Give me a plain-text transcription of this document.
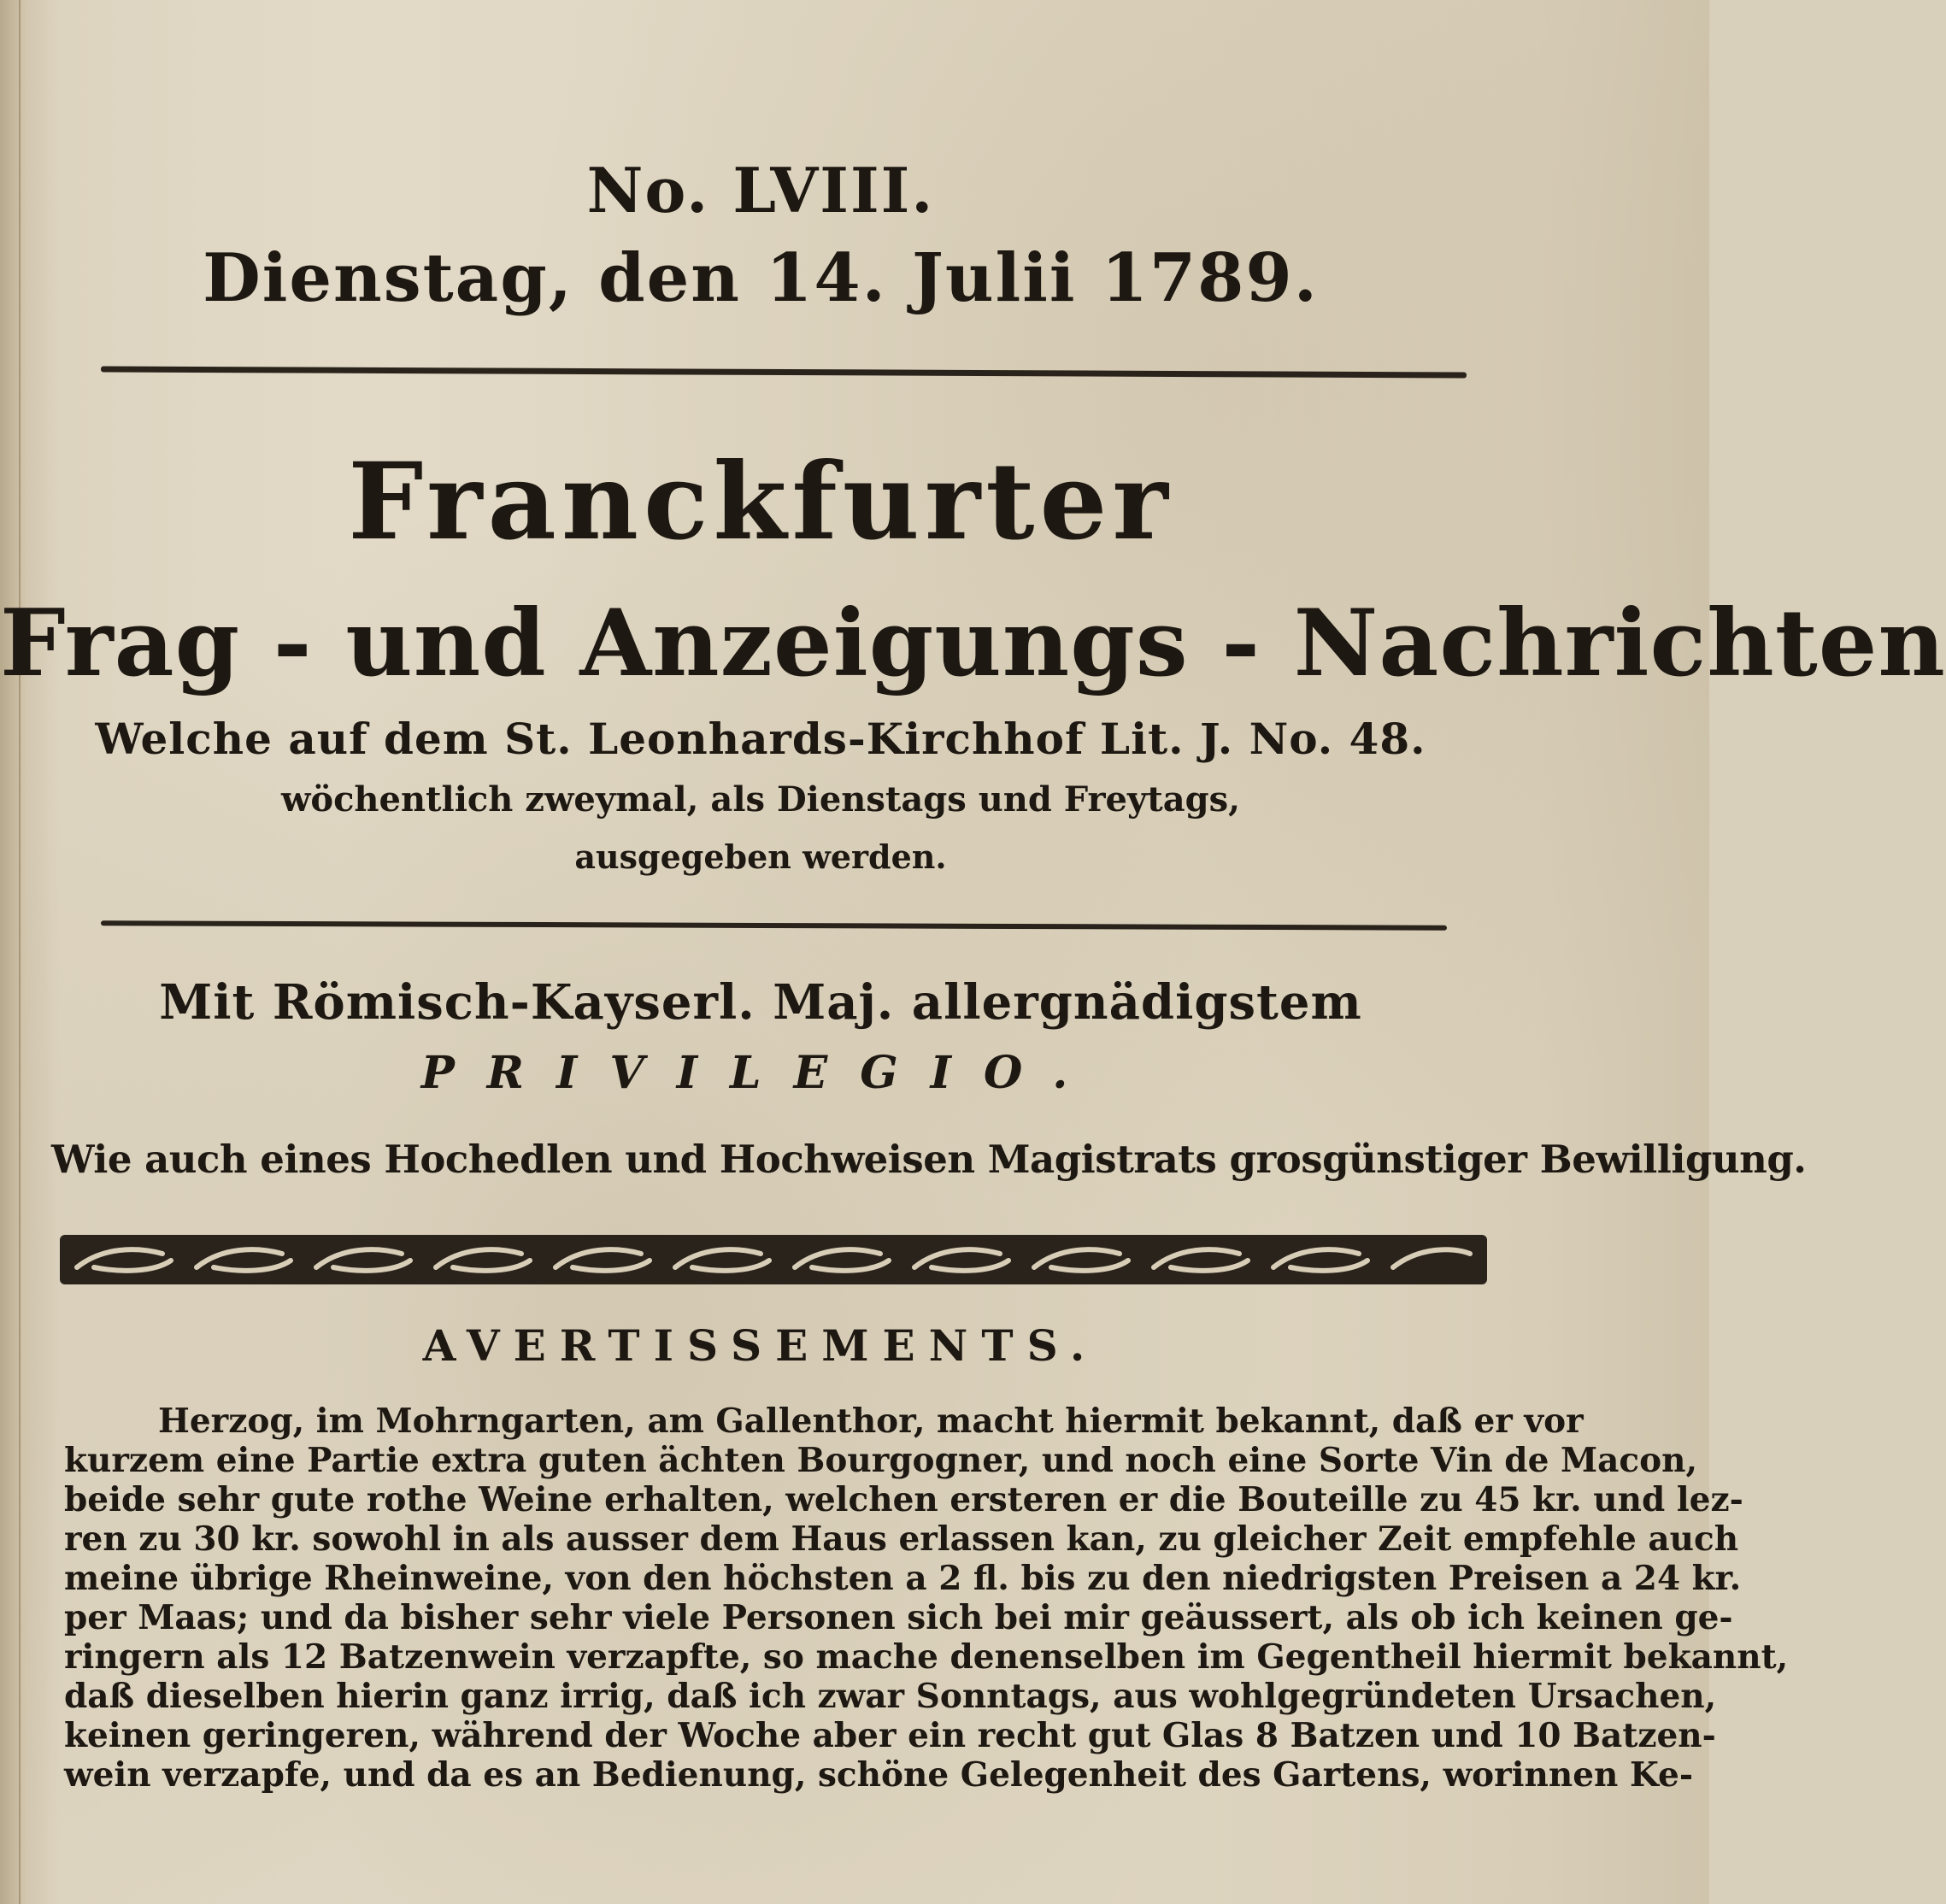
No. LVIII.
Dienstag, den 14. Julii 1789.
Franckfurter
Frag - und Anzeigungs - Nachrichten
Welche auf dem St. Leonhards-Kirchhof Lit. J. No. 48.
wöchentlich zweymal, als Dienstags und Freytags,
ausgegeben werden.
Mit Römisch-Kayserl. Maj. allergnädigstem
PRIVILEGIO.
Wie auch eines Hochedlen und Hochweisen Magistrats grosgünstiger Bewilligung.
AVERTISSEMENTS.
Herzog, im Mohrngarten, am Gallenthor, macht hiermit bekannt, daß er vor
kurzem eine Partie extra guten ächten Bourgogner, und noch eine Sorte Vin de Macon,
beide sehr gute rothe Weine erhalten, welchen ersteren er die Bouteille zu 45 kr. und lez-
ren zu 30 kr. sowohl in als ausser dem Haus erlassen kan, zu gleicher Zeit empfehle auch
meine übrige Rheinweine, von den höchsten a 2 fl. bis zu den niedrigsten Preisen a 24 kr.
per Maas; und da bisher sehr viele Personen sich bei mir geäussert, als ob ich keinen ge-
ringern als 12 Batzenwein verzapfte, so mache denenselben im Gegentheil hiermit bekannt,
daß dieselben hierin ganz irrig, daß ich zwar Sonntags, aus wohlgegründeten Ursachen,
keinen geringeren, während der Woche aber ein recht gut Glas 8 Batzen und 10 Batzen-
wein verzapfe, und da es an Bedienung, schöne Gelegenheit des Gartens, worinnen Ke-
